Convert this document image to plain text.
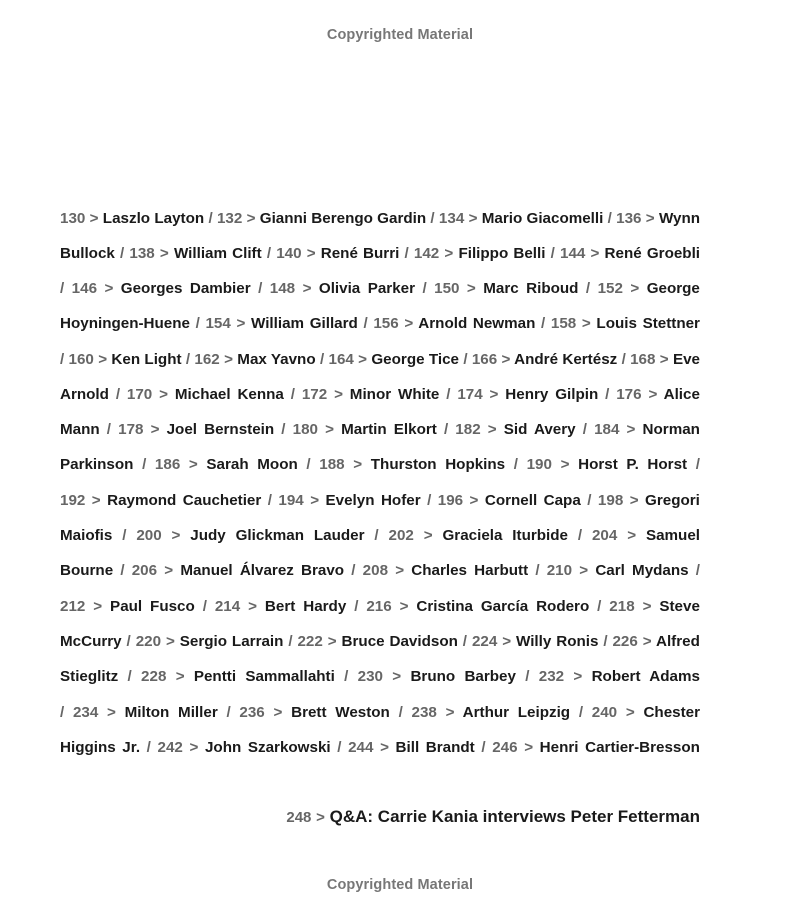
Copyrighted Material
130 > Laszlo Layton / 132 > Gianni Berengo Gardin / 134 > Mario Giacomelli / 136 > Wynn
Bullock / 138 > William Clift / 140 > René Burri / 142 > Filippo Belli / 144 > René Groebli
/ 146 > Georges Dambier / 148 > Olivia Parker / 150 > Marc Riboud / 152 > George
Hoyningen-Huene / 154 > William Gillard / 156 > Arnold Newman / 158 > Louis Stettner
/ 160 > Ken Light / 162 > Max Yavno / 164 > George Tice / 166 > André Kertész / 168 > Eve
Arnold / 170 > Michael Kenna / 172 > Minor White / 174 > Henry Gilpin / 176 > Alice
Mann / 178 > Joel Bernstein / 180 > Martin Elkort / 182 > Sid Avery / 184 > Norman
Parkinson / 186 > Sarah Moon / 188 > Thurston Hopkins / 190 > Horst P. Horst /
192 > Raymond Cauchetier / 194 > Evelyn Hofer / 196 > Cornell Capa / 198 > Gregori
Maiofis / 200 > Judy Glickman Lauder / 202 > Graciela Iturbide / 204 > Samuel
Bourne / 206 > Manuel Álvarez Bravo / 208 > Charles Harbutt / 210 > Carl Mydans /
212 > Paul Fusco / 214 > Bert Hardy / 216 > Cristina García Rodero / 218 > Steve
McCurry / 220 > Sergio Larrain / 222 > Bruce Davidson / 224 > Willy Ronis / 226 > Alfred
Stieglitz / 228 > Pentti Sammallahti / 230 > Bruno Barbey / 232 > Robert Adams
/ 234 > Milton Miller / 236 > Brett Weston / 238 > Arthur Leipzig / 240 > Chester
Higgins Jr. / 242 > John Szarkowski / 244 > Bill Brandt / 246 > Henri Cartier-Bresson
248 > Q&A: Carrie Kania interviews Peter Fetterman
Copyrighted Material
